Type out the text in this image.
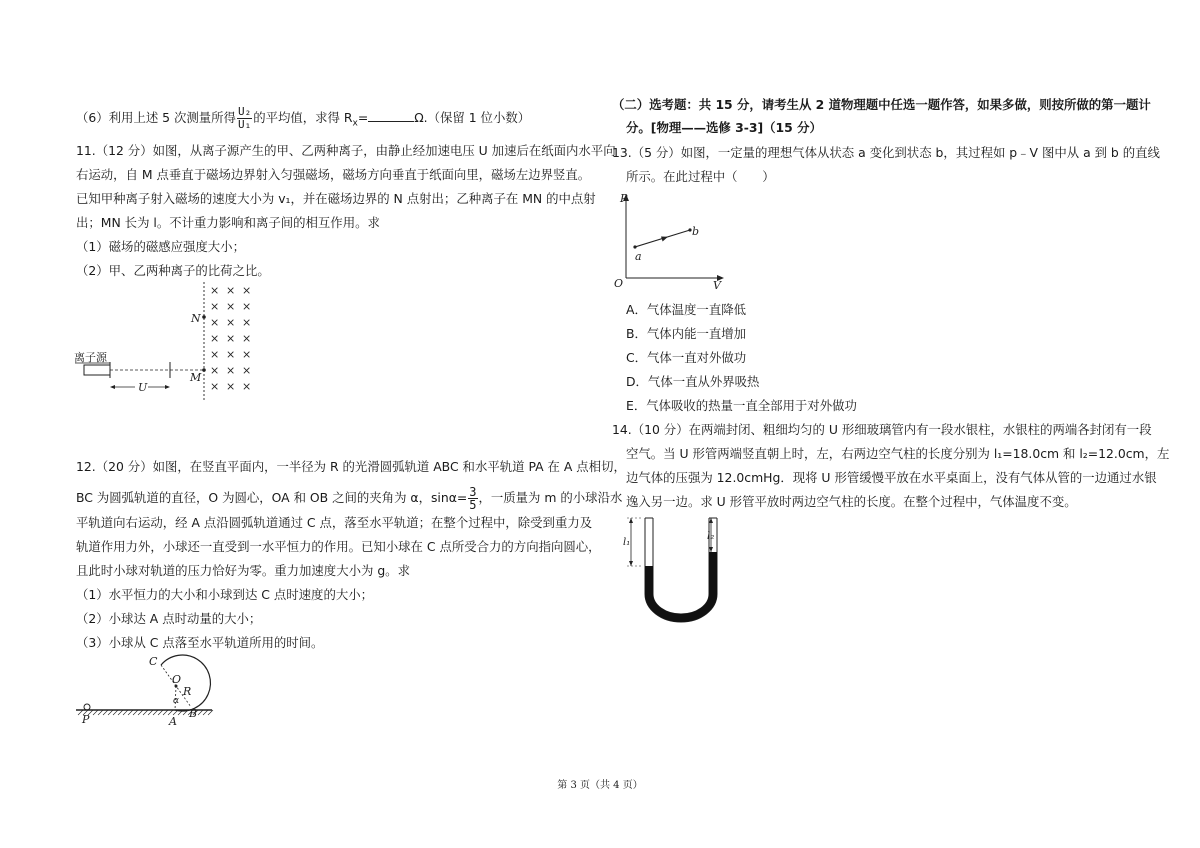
（6）利用上述 5 次测量所得 $\frac{\text{U₂}}{\text{U₁}}$ 的平均值，求得 $R_x=$	Ω.（保留 1 位小数）
11.（12 分）如图，从离子源产生的甲、乙两种离子，由静止经加速电压 U 加速后在纸面内水平向
右运动，自 M 点垂直于磁场边界射入匀强磁场，磁场方向垂直于纸面向里，磁场左边界竖直。
已知甲种离子射入磁场的速度大小为 v₁，并在磁场边界的 N 点射出；乙种离子在 MN 的中点射
出；MN 长为 l。不计重力影响和离子间的相互作用。求
（1）磁场的磁感应强度大小；
（2）甲、乙两种离子的比荷之比。
离子源
U
N
M
× × ×
× × ×
× × ×
× × ×
× × ×
× × ×
× × ×
12.（20 分）如图，在竖直平面内，一半径为 R 的光滑圆弧轨道 ABC 和水平轨道 PA 在 A 点相切，
BC 为圆弧轨道的直径，O 为圆心，OA 和 OB 之间的夹角为 α，$\sin\alpha= \frac{3}{5}$ ，一质量为 m 的小球沿水
平轨道向右运动，经 A 点沿圆弧轨道通过 C 点，落至水平轨道；在整个过程中，除受到重力及
轨道作用力外，小球还一直受到一水平恒力的作用。已知小球在 C 点所受合力的方向指向圆心，
且此时小球对轨道的压力恰好为零。重力加速度大小为 g。求
（1）水平恒力的大小和小球到达 C 点时速度的大小；
（2）小球达 A 点时动量的大小；
（3）小球从 C 点落至水平轨道所用的时间。
C
O
R
α
P	A
B
（二）选考题：共 15 分，请考生从 2 道物理题中任选一题作答，如果多做，则按所做的第一题计
分。[物理——选修 3-3]（15 分）
13.（5 分）如图，一定量的理想气体从状态 a 变化到状态 b，其过程如 p﹣V 图中从 a 到 b 的直线
所示。在此过程中（　　）
P
V
O
a
b
A．气体温度一直降低
B．气体内能一直增加
C．气体一直对外做功
D．气体一直从外界吸热
E．气体吸收的热量一直全部用于对外做功
14.（10 分）在两端封闭、粗细均匀的 U 形细玻璃管内有一段水银柱，水银柱的两端各封闭有一段
空气。当 U 形管两端竖直朝上时，左，右两边空气柱的长度分别为 l₁=18.0cm 和 l₂=12.0cm，左
边气体的压强为 12.0cmHg．现将 U 形管缓慢平放在水平桌面上，没有气体从管的一边通过水银
逸入另一边。求 U 形管平放时两边空气柱的长度。在整个过程中，气体温度不变。
l₁
l₂
第 3 页（共 4 页）
